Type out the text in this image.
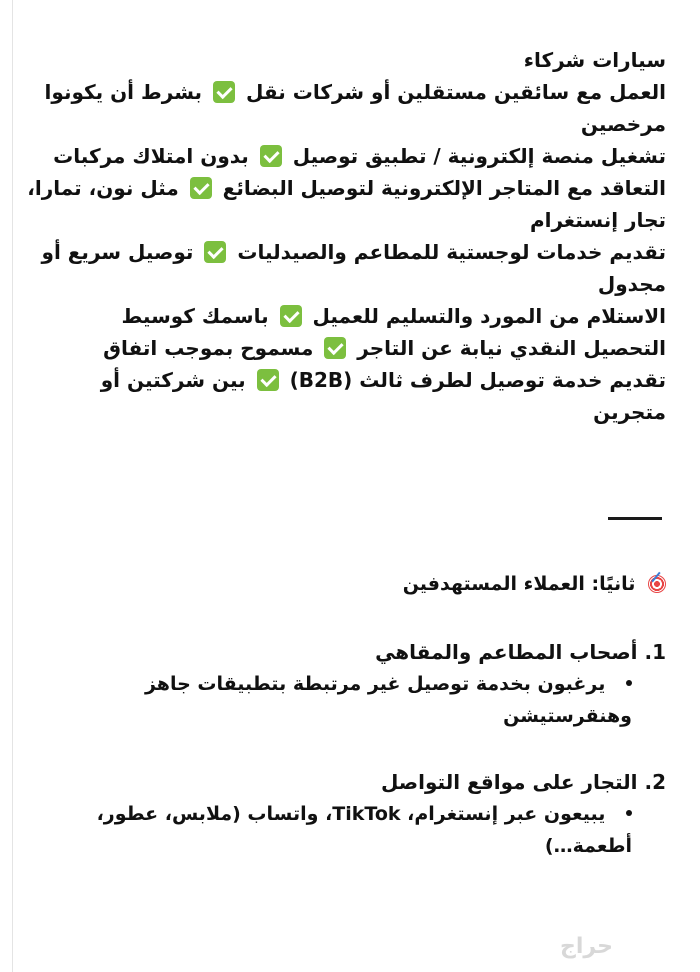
سيارات شركاء

العمل مع سائقين مستقلين أو شركات نقل  بشرط أن يكونوا مرخصين

تشغيل منصة إلكترونية / تطبيق توصيل  بدون امتلاك مركبات

التعاقد مع المتاجر الإلكترونية لتوصيل البضائع  مثل نون، تمارا، تجار إنستغرام

تقديم خدمات لوجستية للمطاعم والصيدليات  توصيل سريع أو مجدول

الاستلام من المورد والتسليم للعميل  باسمك كوسيط

التحصيل النقدي نيابة عن التاجر  مسموح بموجب اتفاق

تقديم خدمة توصيل لطرف ثالث (B2B)  بين شركتين أو متجرين

ثانيًا: العملاء المستهدفين

1. أصحاب المطاعم والمقاهي

يرغبون بخدمة توصيل غير مرتبطة بتطبيقات جاهز وهنقرستيشن

2. التجار على مواقع التواصل

يبيعون عبر إنستغرام، TikTok، واتساب (ملابس، عطور، أطعمة…)

حراج
